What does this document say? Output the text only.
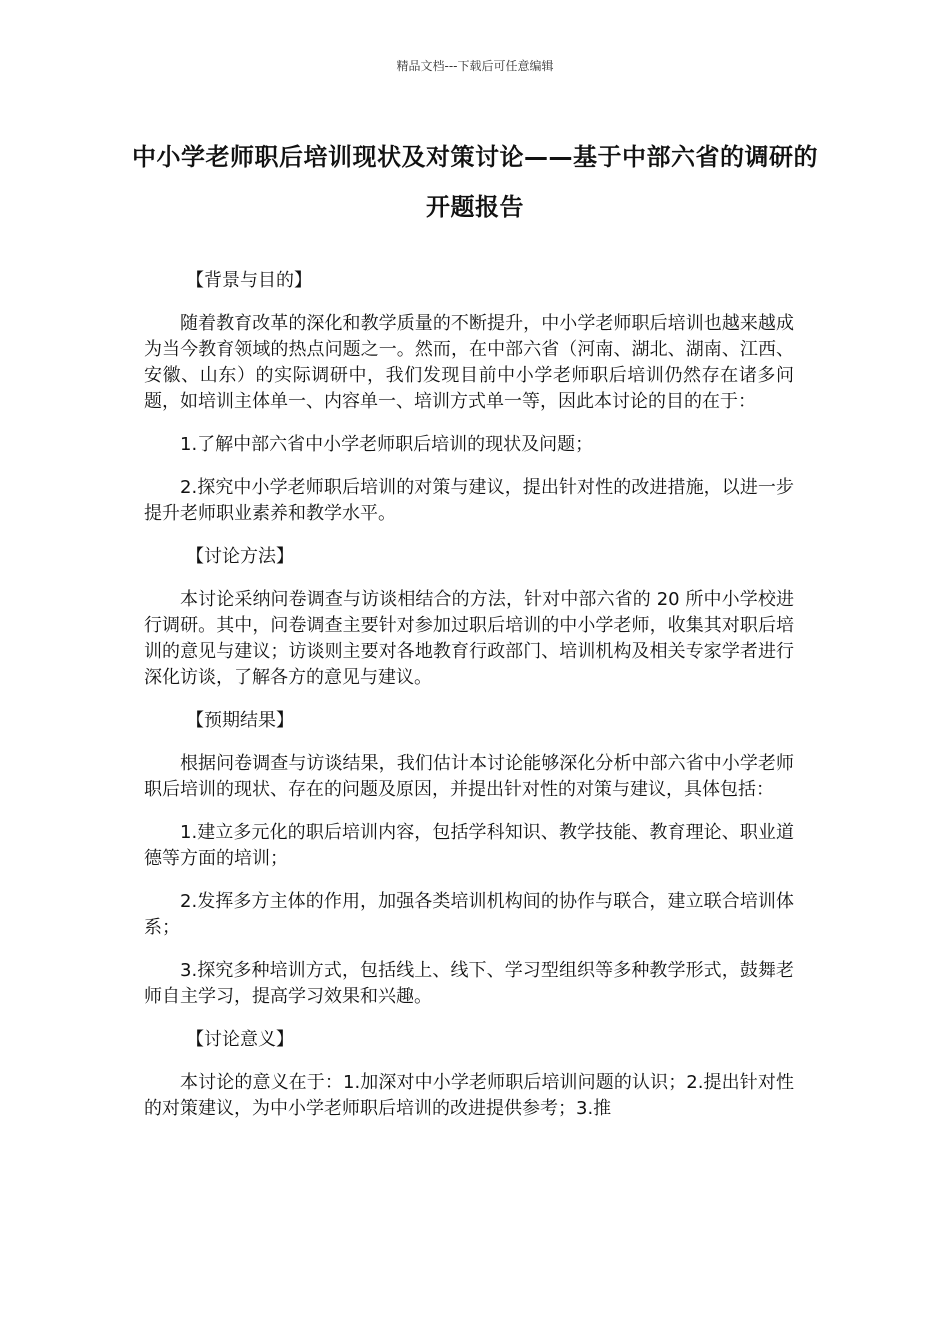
精品文档---下载后可任意编辑
中小学老师职后培训现状及对策讨论——基于中部六省的调研的开题报告

【背景与目的】

随着教育改革的深化和教学质量的不断提升，中小学老师职后培训也越来越成为当今教育领域的热点问题之一。然而，在中部六省（河南、湖北、湖南、江西、安徽、山东）的实际调研中，我们发现目前中小学老师职后培训仍然存在诸多问题，如培训主体单一、内容单一、培训方式单一等，因此本讨论的目的在于：

1.了解中部六省中小学老师职后培训的现状及问题；

2.探究中小学老师职后培训的对策与建议，提出针对性的改进措施，以进一步提升老师职业素养和教学水平。

【讨论方法】

本讨论采纳问卷调查与访谈相结合的方法，针对中部六省的 20 所中小学校进行调研。其中，问卷调查主要针对参加过职后培训的中小学老师，收集其对职后培训的意见与建议；访谈则主要对各地教育行政部门、培训机构及相关专家学者进行深化访谈，了解各方的意见与建议。

【预期结果】

根据问卷调查与访谈结果，我们估计本讨论能够深化分析中部六省中小学老师职后培训的现状、存在的问题及原因，并提出针对性的对策与建议，具体包括：

1.建立多元化的职后培训内容，包括学科知识、教学技能、教育理论、职业道德等方面的培训；

2.发挥多方主体的作用，加强各类培训机构间的协作与联合，建立联合培训体系；

3.探究多种培训方式，包括线上、线下、学习型组织等多种教学形式，鼓舞老师自主学习，提高学习效果和兴趣。

【讨论意义】

本讨论的意义在于：1.加深对中小学老师职后培训问题的认识；2.提出针对性的对策建议，为中小学老师职后培训的改进提供参考；3.推
